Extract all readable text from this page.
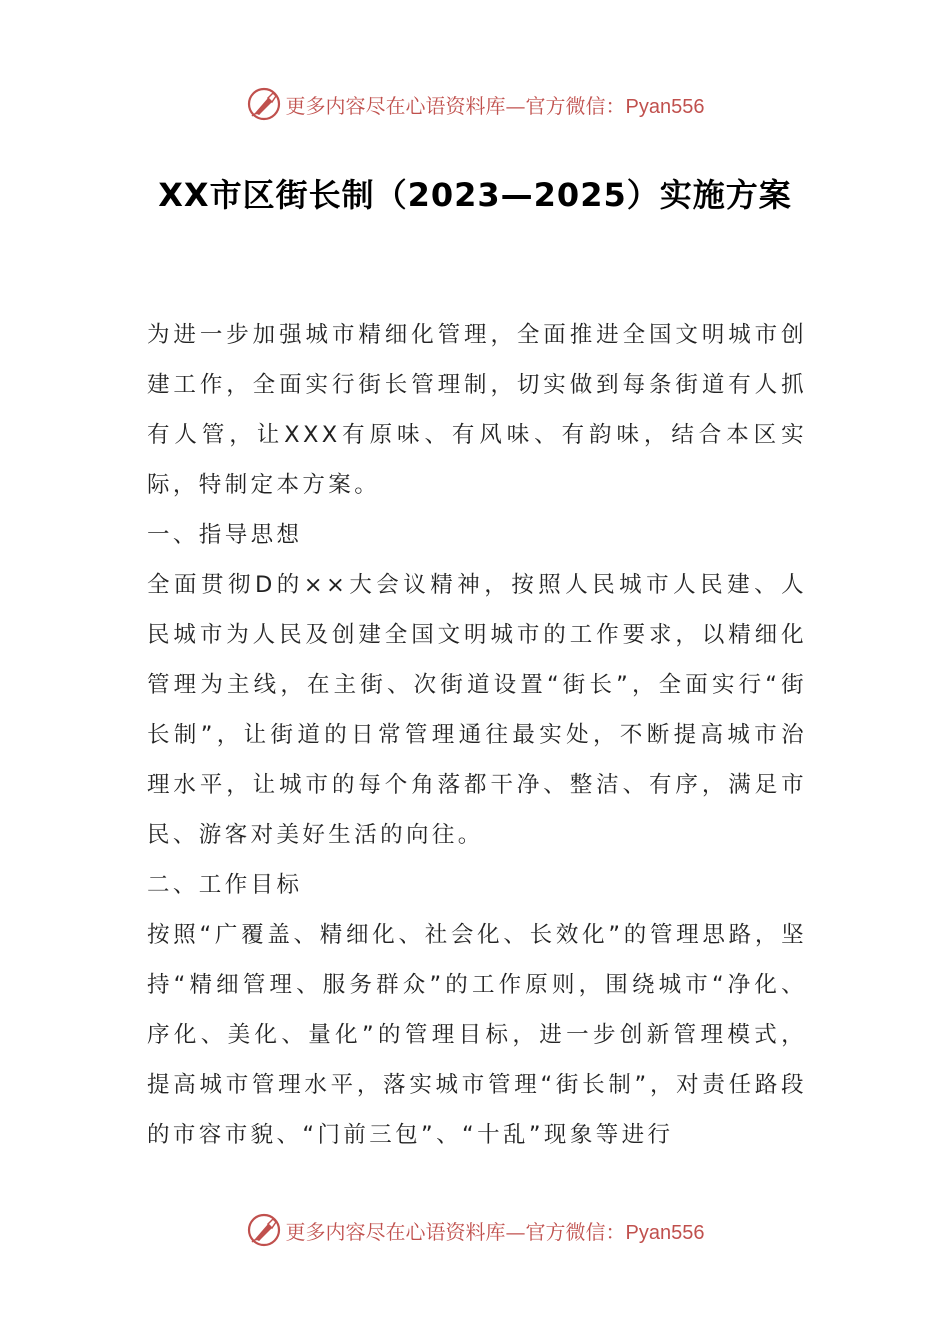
更多内容尽在心语资料库—官方微信：Pyan556
XX市区街长制（2023—2025）实施方案

为进一步加强城市精细化管理，全面推进全国文明城市创建工作，全面实行街长管理制，切实做到每条街道有人抓有人管，让XXX有原味、有风味、有韵味，结合本区实际，特制定本方案。

一、指导思想

全面贯彻D的××大会议精神，按照人民城市人民建、人民城市为人民及创建全国文明城市的工作要求，以精细化管理为主线，在主街、次街道设置“街长”，全面实行“街长制”，让街道的日常管理通往最实处，不断提高城市治理水平，让城市的每个角落都干净、整洁、有序，满足市民、游客对美好生活的向往。

二、工作目标

按照“广覆盖、精细化、社会化、长效化”的管理思路，坚持“精细管理、服务群众”的工作原则，围绕城市“净化、序化、美化、量化”的管理目标，进一步创新管理模式，提高城市管理水平，落实城市管理“街长制”，对责任路段的市容市貌、“门前三包”、“十乱”现象等进行

更多内容尽在心语资料库—官方微信：Pyan556
